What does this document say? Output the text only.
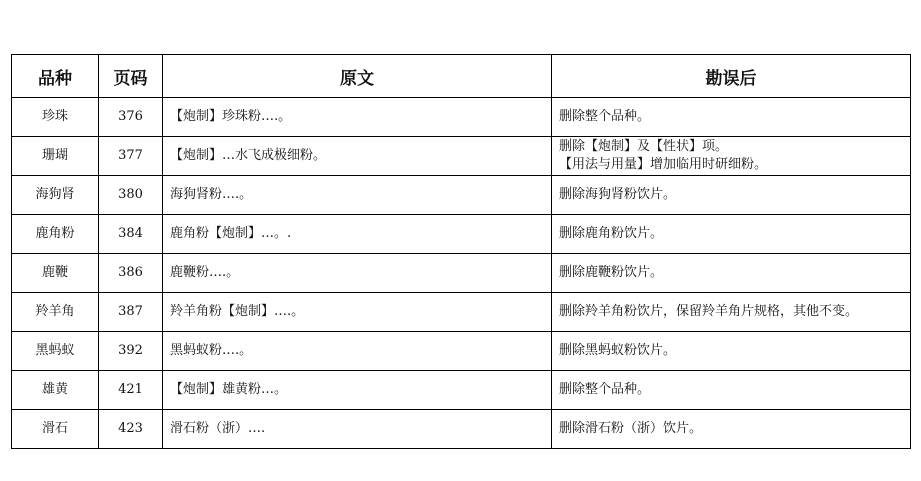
品种	页码	原文	勘误后
珍珠	376	【炮制】珍珠粉….。	删除整个品种。

珊瑚	377	【炮制】…水飞成极细粉。	删除【炮制】及【性状】项。
【用法与用量】增加临用时研细粉。

海狗肾	380	海狗肾粉….。	删除海狗肾粉饮片。

鹿角粉	384	鹿角粉【炮制】…。.	删除鹿角粉饮片。

鹿鞭	386	鹿鞭粉….。	删除鹿鞭粉饮片。

羚羊角	387	羚羊角粉【炮制】….。	删除羚羊角粉饮片，保留羚羊角片规格，其他不变。

黑蚂蚁	392	黑蚂蚁粉….。	删除黑蚂蚁粉饮片。

雄黄	421	【炮制】雄黄粉…。	删除整个品种。

滑石	423	滑石粉（浙）….	删除滑石粉（浙）饮片。
